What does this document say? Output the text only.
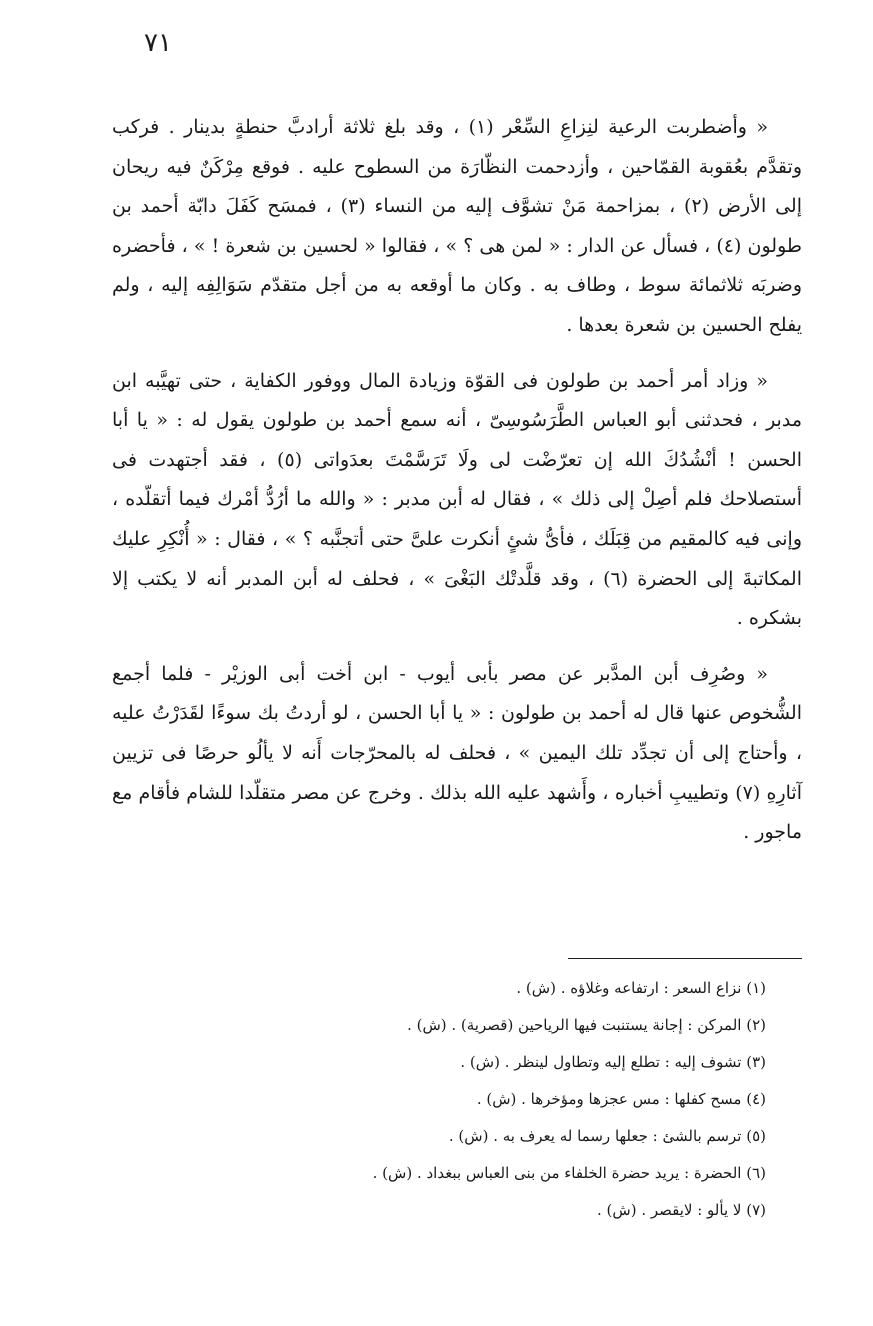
٧١

« وأضطربت الرعية لنِزاعِ السِّعْر (١) ، وقد بلغ ثلاثة أرادبَّ حنطةٍ بدينار . فركب وتقدَّم بعُقوبة القمّاحين ، وأزدحمت النظّارَة من السطوح عليه . فوقع مِرْكَنٌ فيه ريحان إلى الأرض (٢) ، بمزاحمة مَنْ تشوَّف إليه من النساء (٣) ، فمسَح كَفَلَ دابّة أحمد بن طولون (٤) ، فسأل عن الدار : « لمن هى ؟ » ، فقالوا « لحسين بن شعرة ! » ، فأحضره وضربَه ثلاثمائة سوط ، وطاف به . وكان ما أوقعه به من أجل متقدّم سَوَالِفِه إليه ، ولم يفلح الحسين بن شعرة بعدها .

« وزاد أمر أحمد بن طولون فى القوّة وزيادة المال ووفور الكفاية ، حتى تهيَّبه ابن مدبر ، فحدثنى أبو العباس الطَّرَسُوسِىّ ، أنه سمع أحمد بن طولون يقول له : « يا أبا الحسن ! أنْشُدُكَ الله إن تعرّضْت لى ولَا تَرَسَّمْتَ بعدَواتى (٥) ، فقد أجتهدت فى أستصلاحك فلم أصِلْ إلى ذلك » ، فقال له أبن مدبر : « والله ما أرُدُّ أمْرك فيما أتقلّده ، وإنى فيه كالمقيم من قِبَلَك ، فأىُّ شئٍ أنكرت علىَّ حتى أتجنَّبه ؟ » ، فقال : « أُنْكِرِ عليك المكاتبةَ إلى الحضرة (٦) ، وقد قلَّدتْك البَغْىَ » ، فحلف له أبن المدبر أنه لا يكتب إلا بشكره .

« وصُرِف أبن المدَّبر عن مصر بأبى أيوب - ابن أخت أبى الوزيْر - فلما أجمع الشُّخوص عنها قال له أحمد بن طولون : « يا أبا الحسن ، لو أردتُ بك سوءًا لقَدَرْتُ عليه ، وأحتاج إلى أن تجدِّد تلك اليمين » ، فحلف له بالمحرّجات أَنه لا يألُو حرصًا فى تزيين آثارِهِ (٧) وتطييبِ أخباره ، وأَشهد عليه الله بذلك . وخرج عن مصر متقلّدا للشام فأقام مع ماجور .

(١) نزاع السعر : ارتفاعه وغلاؤه . (ش) .

(٢) المركن : إجانة يستنبت فيها الرياحين (قصرية) . (ش) .

(٣) تشوف إليه : تطلع إليه وتطاول لينظر . (ش) .

(٤) مسح كفلها : مس عجزها ومؤخرها . (ش) .

(٥) ترسم بالشئ : جعلها رسما له يعرف به . (ش) .

(٦) الحضرة : يريد حضرة الخلفاء من بنى العباس ببغداد . (ش) .

(٧) لا يألو : لايقصر . (ش) .
